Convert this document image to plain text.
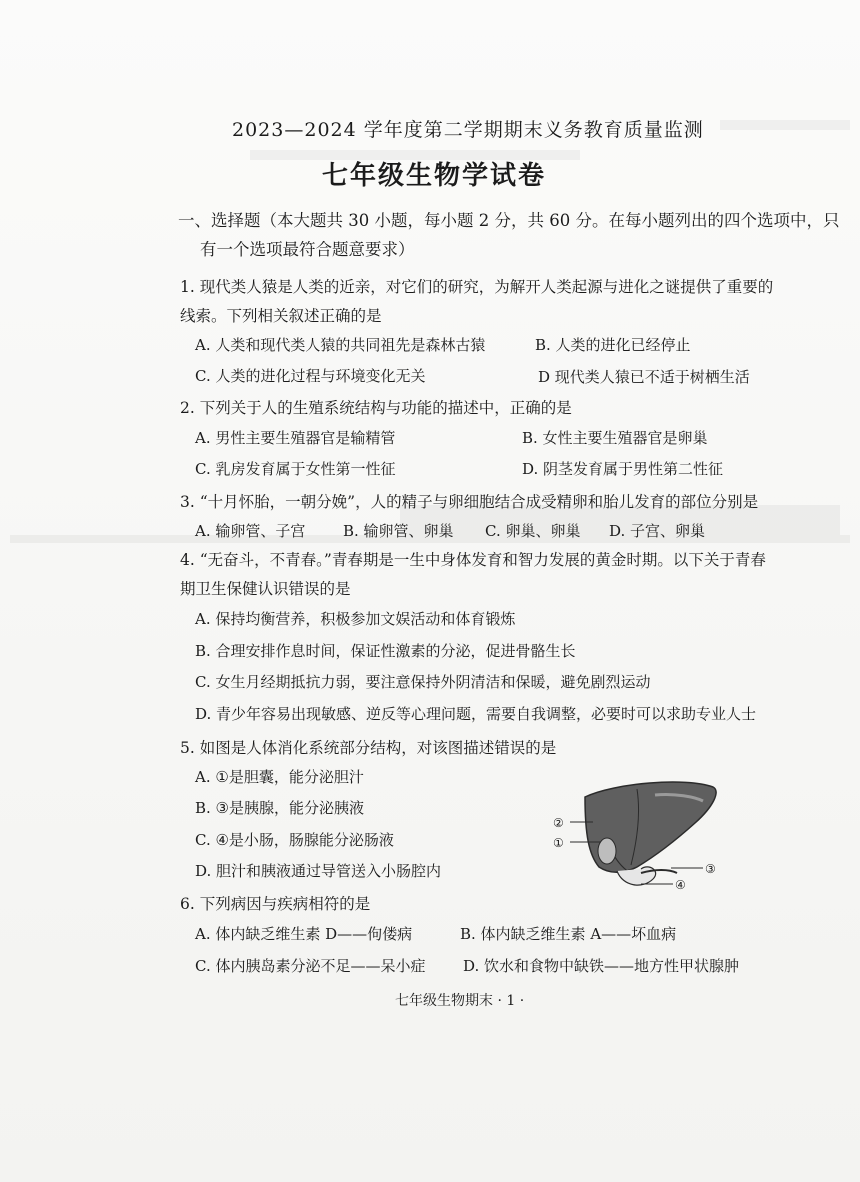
2023—2024 学年度第二学期期末义务教育质量监测
七年级生物学试卷
一、选择题（本大题共 30 小题，每小题 2 分，共 60 分。在每小题列出的四个选项中，只
有一个选项最符合题意要求）
1. 现代类人猿是人类的近亲，对它们的研究，为解开人类起源与进化之谜提供了重要的
线索。下列相关叙述正确的是
A. 人类和现代类人猿的共同祖先是森林古猿	B. 人类的进化已经停止
C. 人类的进化过程与环境变化无关	D 现代类人猿已不适于树栖生活
2. 下列关于人的生殖系统结构与功能的描述中，正确的是
A. 男性主要生殖器官是输精管	B. 女性主要生殖器官是卵巢
C. 乳房发育属于女性第一性征	D. 阴茎发育属于男性第二性征
3. “十月怀胎，一朝分娩”，人的精子与卵细胞结合成受精卵和胎儿发育的部位分别是
A. 输卵管、子宫	B. 输卵管、卵巢 C. 卵巢、卵巢 D. 子宫、卵巢
4. “无奋斗，不青春。”青春期是一生中身体发育和智力发展的黄金时期。以下关于青春
期卫生保健认识错误的是
A. 保持均衡营养，积极参加文娱活动和体育锻炼
B. 合理安排作息时间，保证性激素的分泌，促进骨骼生长
C. 女生月经期抵抗力弱，要注意保持外阴清洁和保暖，避免剧烈运动
D. 青少年容易出现敏感、逆反等心理问题，需要自我调整，必要时可以求助专业人士
5. 如图是人体消化系统部分结构，对该图描述错误的是
A. ①是胆囊，能分泌胆汁
B. ③是胰腺，能分泌胰液
C. ④是小肠，肠腺能分泌肠液
D. 胆汁和胰液通过导管送入小肠腔内
②
①
③
④
6. 下列病因与疾病相符的是
A. 体内缺乏维生素 D——佝偻病	B. 体内缺乏维生素 A——坏血病
C. 体内胰岛素分泌不足——呆小症	D. 饮水和食物中缺铁——地方性甲状腺肿
七年级生物期末 · 1 ·
